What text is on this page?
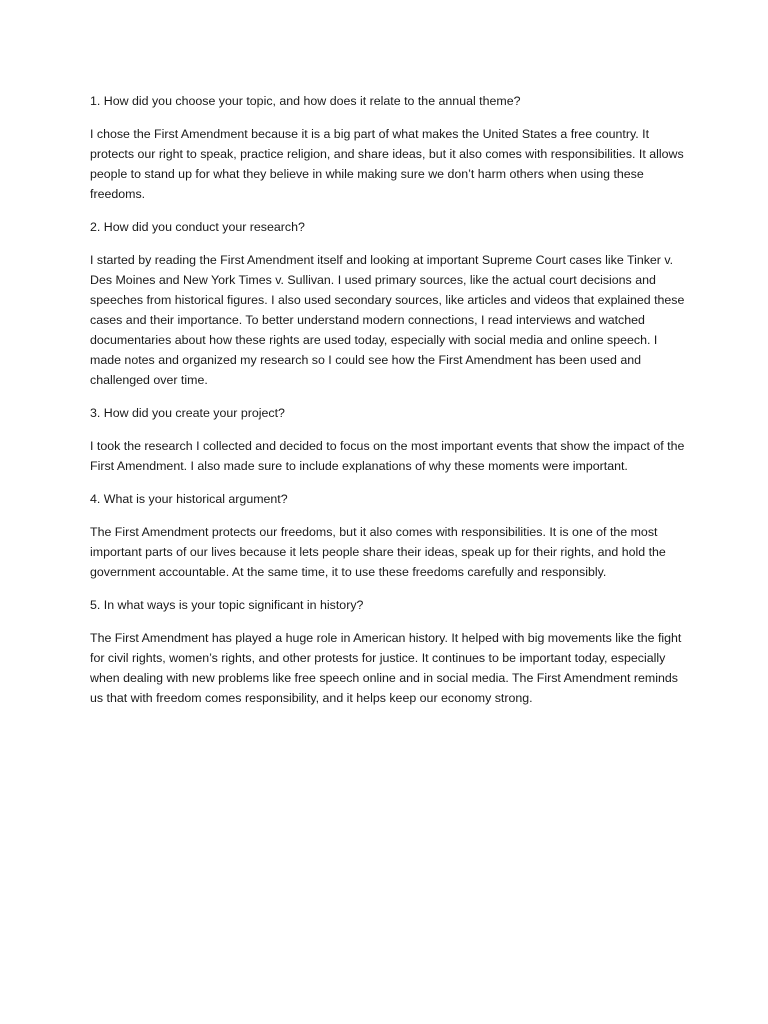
1. How did you choose your topic, and how does it relate to the annual theme?

I chose the First Amendment because it is a big part of what makes the United States a free country. It protects our right to speak, practice religion, and share ideas, but it also comes with responsibilities. It allows people to stand up for what they believe in while making sure we don’t harm others when using these freedoms.

2. How did you conduct your research?

I started by reading the First Amendment itself and looking at important Supreme Court cases like Tinker v. Des Moines and New York Times v. Sullivan. I used primary sources, like the actual court decisions and speeches from historical figures. I also used secondary sources, like articles and videos that explained these cases and their importance. To better understand modern connections, I read interviews and watched documentaries about how these rights are used today, especially with social media and online speech. I made notes and organized my research so I could see how the First Amendment has been used and challenged over time.

3. How did you create your project?

I took the research I collected and decided to focus on the most important events that show the impact of the First Amendment. I also made sure to include explanations of why these moments were important.

4. What is your historical argument?

The First Amendment protects our freedoms, but it also comes with responsibilities. It is one of the most important parts of our lives because it lets people share their ideas, speak up for their rights, and hold the government accountable. At the same time, it to use these freedoms carefully and responsibly.

5. In what ways is your topic significant in history?

The First Amendment has played a huge role in American history. It helped with big movements like the fight for civil rights, women’s rights, and other protests for justice. It continues to be important today, especially when dealing with new problems like free speech online and in social media. The First Amendment reminds us that with freedom comes responsibility, and it helps keep our economy strong.
